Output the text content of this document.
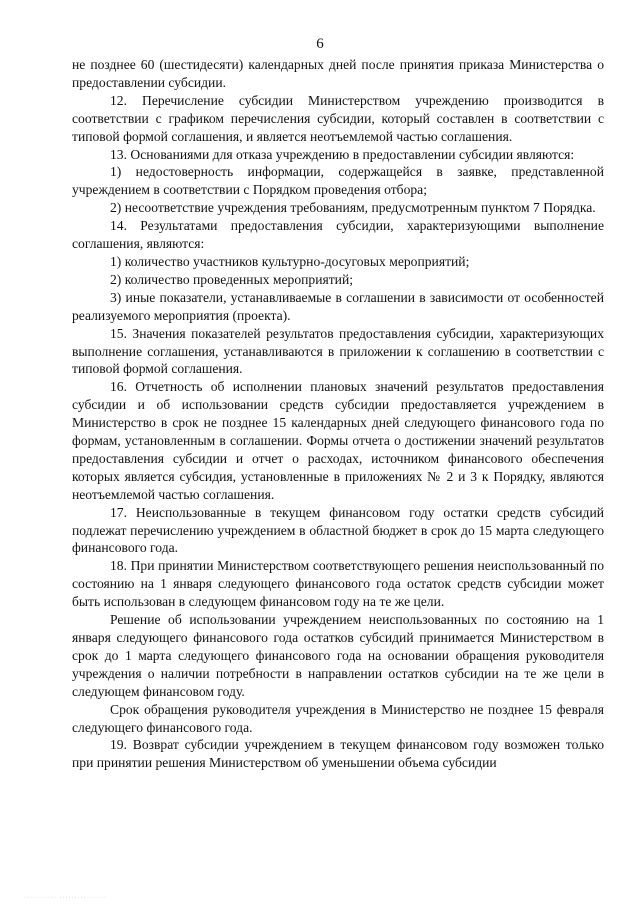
6

не позднее 60 (шестидесяти) календарных дней после принятия приказа Министерства о предоставлении субсидии.

12. Перечисление субсидии Министерством учреждению производится в соответствии с графиком перечисления субсидии, который составлен в соответствии с типовой формой соглашения, и является неотъемлемой частью соглашения.

13. Основаниями для отказа учреждению в предоставлении субсидии являются:

1) недостоверность информации, содержащейся в заявке, представленной учреждением в соответствии с Порядком проведения отбора;

2) несоответствие учреждения требованиям, предусмотренным пунктом 7 Порядка.

14. Результатами предоставления субсидии, характеризующими выполнение соглашения, являются:

1) количество участников культурно-досуговых мероприятий;

2) количество проведенных мероприятий;

3) иные показатели, устанавливаемые в соглашении в зависимости от особенностей реализуемого мероприятия (проекта).

15. Значения показателей результатов предоставления субсидии, характеризующих выполнение соглашения, устанавливаются в приложении к соглашению в соответствии с типовой формой соглашения.

16. Отчетность об исполнении плановых значений результатов предоставления субсидии и об использовании средств субсидии предоставляется учреждением в Министерство в срок не позднее 15 календарных дней следующего финансового года по формам, установленным в соглашении. Формы отчета о достижении значений результатов предоставления субсидии и отчет о расходах, источником финансового обеспечения которых является субсидия, установленные в приложениях № 2 и 3 к Порядку, являются неотъемлемой частью соглашения.

17. Неиспользованные в текущем финансовом году остатки средств субсидий подлежат перечислению учреждением в областной бюджет в срок до 15 марта следующего финансового года.

18. При принятии Министерством соответствующего решения неиспользованный по состоянию на 1 января следующего финансового года остаток средств субсидии может быть использован в следующем финансовом году на те же цели.

Решение об использовании учреждением неиспользованных по состоянию на 1 января следующего финансового года остатков субсидий принимается Министерством в срок до 1 марта следующего финансового года на основании обращения руководителя учреждения о наличии потребности в направлении остатков субсидии на те же цели в следующем финансовом году.

Срок обращения руководителя учреждения в Министерство не позднее 15 февраля следующего финансового года.

19. Возврат субсидии учреждением в текущем финансовом году возможен только при принятии решения Министерством об уменьшении объема субсидии

··········· ········· ······
